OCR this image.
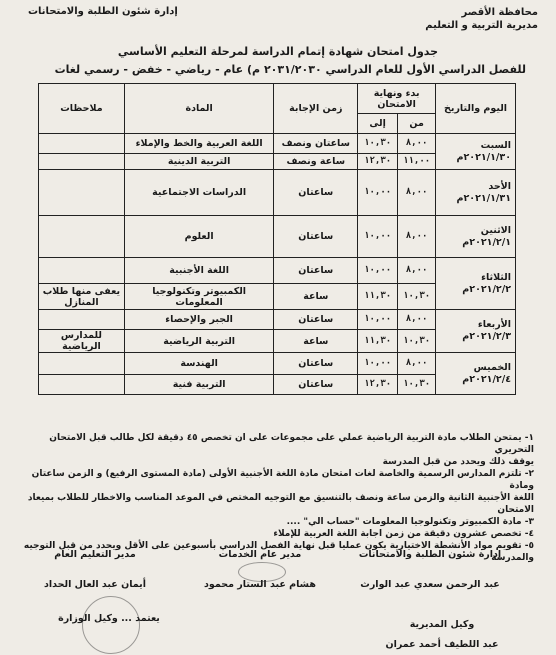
محافظة الأقصر
مديرية التربية و التعليم
إدارة شئون الطلبة والامتحانات
جدول امتحان شهادة إتمام الدراسة لمرحلة التعليم الأساسي
للفصل الدراسي الأول للعام الدراسي ٢٠٣١/٢٠٣٠ م) عام - رياضي - خفض - رسمي لغات
اليوم والتاريخ	بدء ونهاية الامتحان		زمن الإجابة	المادة	ملاحظات
	من	إلى			

السبت
٢٠٢١/١/٣٠م	٨,٠٠	١٠,٣٠	ساعتان ونصف	اللغة العربية والخط والإملاء	
	١١,٠٠	١٢,٣٠	ساعة ونصف	التربية الدينية	

الأحد
٢٠٢١/١/٣١م	٨,٠٠	١٠,٠٠	ساعتان	الدراسات الاجتماعية	

الاثنين
٢٠٢١/٢/١م	٨,٠٠	١٠,٠٠	ساعتان	العلوم	

الثلاثاء
٢٠٢١/٢/٢م	٨,٠٠	١٠,٠٠	ساعتان	اللغة الأجنبية	
	١٠,٣٠	١١,٣٠	ساعة	الكمبيوتر وتكنولوجيا المعلومات	يعفى منها طلاب المنازل

الأربعاء
٢٠٢١/٢/٣م	٨,٠٠	١٠,٠٠	ساعتان	الجبر والإحصاء	
	١٠,٣٠	١١,٣٠	ساعة	التربية الرياضية	للمدارس الرياضية

الخميس
٢٠٢١/٢/٤م	٨,٠٠	١٠,٠٠	ساعتان	الهندسة	
	١٠,٣٠	١٢,٣٠	ساعتان	التربية فنية	
١- يمتحن الطلاب مادة التربية الرياضية عملي على مجموعات على ان تخصص ٤٥ دقيقة لكل طالب قبل الامتحان التحريري
يوقف ذلك ويحدد من قبل المدرسة
٢- تلتزم المدارس الرسمية والخاصة لغات امتحان مادة اللغة الأجنبية الأولى (مادة المستوى الرفيع) و الزمن ساعتان ومادة
اللغة الأجنبية الثانية والزمن ساعة ونصف بالتنسيق مع التوجيه المختص في الموعد المناسب والاخطار للطلاب بميعاد الامتحان
٣- مادة الكمبيوتر وتكنولوجيا المعلومات "حساب الي" ....
٤- تخصص عشرون دقيقة من زمن اجابة اللغة العربية للإملاء
٥- تقويم مواد الأنشطة الاختيارية يكون عمليا قبل نهاية الفصل الدراسي بأسبوعين على الأقل ويحدد من قبل التوجيه والمدرسة
إدارة شئون الطلبة والامتحانات
عبد الرحمن سعدي عبد الوارث
مدير عام الخدمات
هشام عبد الستار محمود
مدير التعليم العام
أيمان عبد العال الحداد
يعتمد ... وكيل الوزارة
وكيل المديرية
عبد اللطيف أحمد عمران
